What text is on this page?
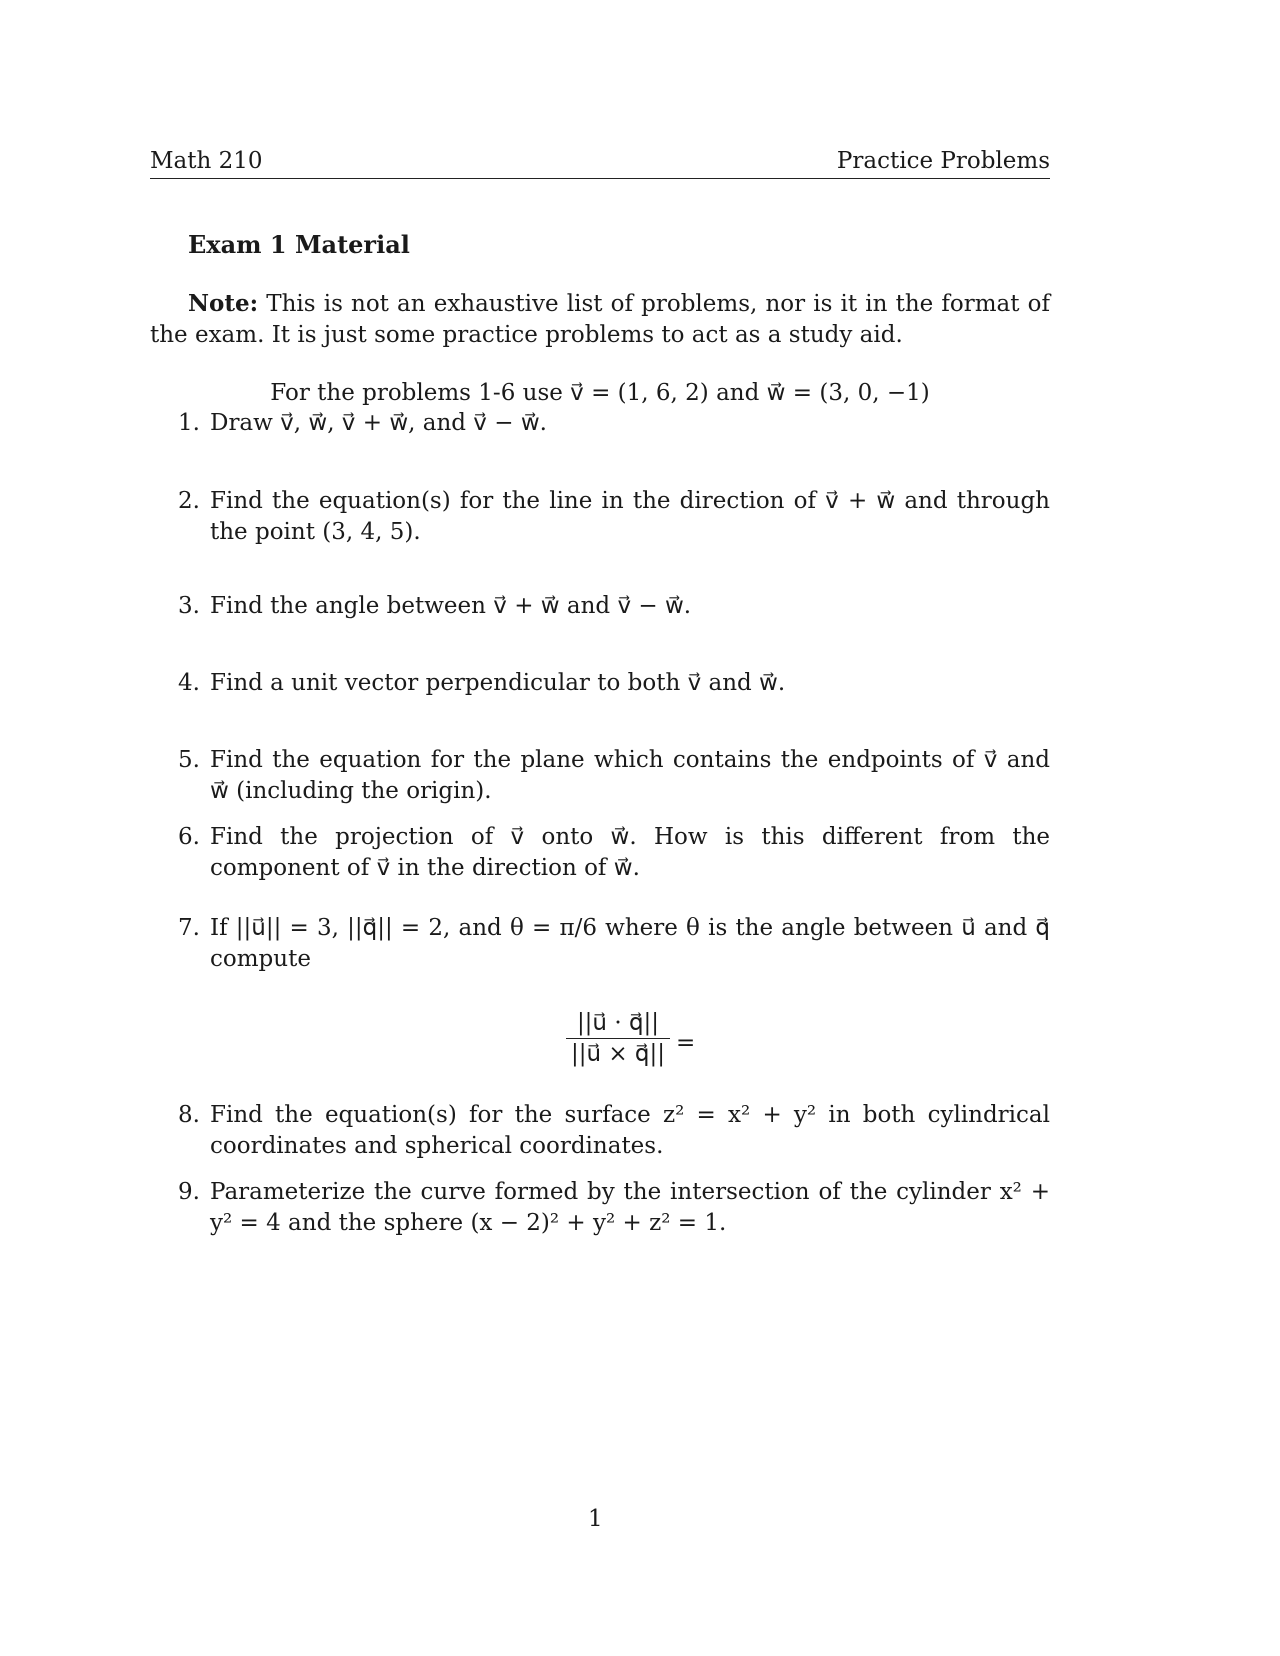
Math 210	Practice Problems
Exam 1 Material
Note: This is not an exhaustive list of problems, nor is it in the format of the exam. It is just some practice problems to act as a study aid.
For the problems 1-6 use v⃗ = (1, 6, 2) and w⃗ = (3, 0, −1)
1. Draw v⃗, w⃗, v⃗ + w⃗, and v⃗ − w⃗.
2. Find the equation(s) for the line in the direction of v⃗ + w⃗ and through the point (3, 4, 5).
3. Find the angle between v⃗ + w⃗ and v⃗ − w⃗.
4. Find a unit vector perpendicular to both v⃗ and w⃗.
5. Find the equation for the plane which contains the endpoints of v⃗ and w⃗ (including the origin).
6. Find the projection of v⃗ onto w⃗. How is this different from the component of v⃗ in the direction of w⃗.
7. If ||u⃗|| = 3, ||q⃗|| = 2, and θ = π/6 where θ is the angle between u⃗ and q⃗ compute
||u⃗ · q⃗||
||u⃗ × q⃗|| =
8. Find the equation(s) for the surface z² = x² + y² in both cylindrical coordinates and spherical coordinates.
9. Parameterize the curve formed by the intersection of the cylinder x² + y² = 4 and the sphere (x − 2)² + y² + z² = 1.
1
